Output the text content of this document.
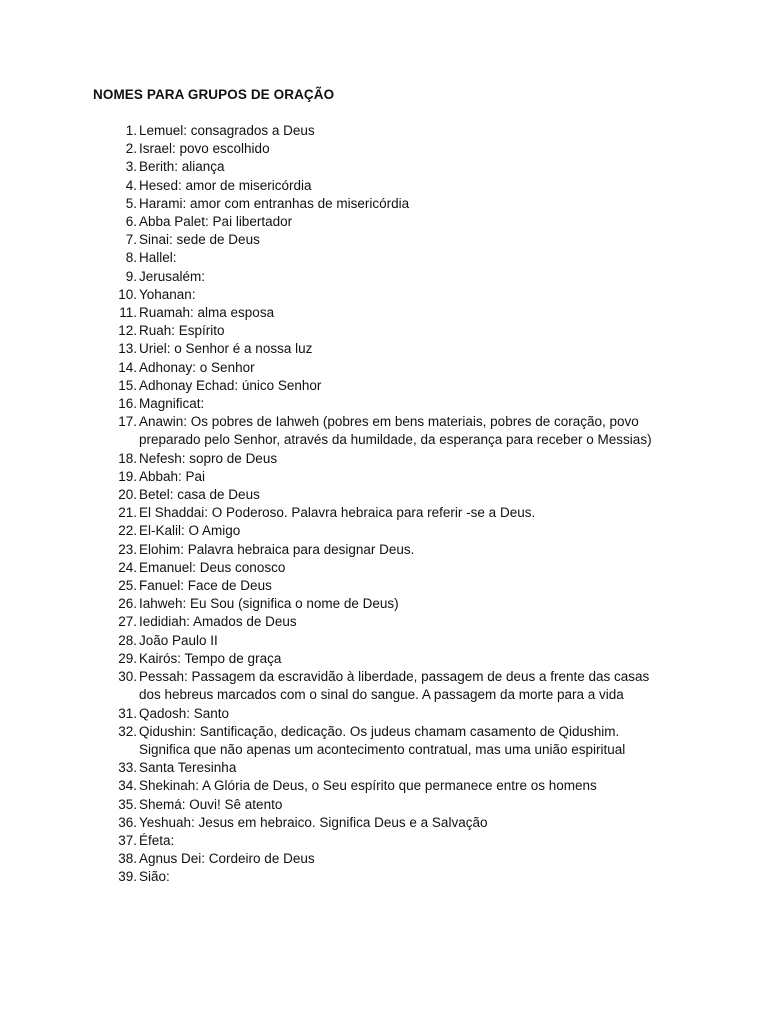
NOMES PARA GRUPOS DE ORAÇÃO
1. Lemuel: consagrados a Deus
2. Israel: povo escolhido
3. Berith: aliança
4. Hesed: amor de misericórdia
5. Harami: amor com entranhas de misericórdia
6. Abba Palet: Pai libertador
7. Sinai: sede de Deus
8. Hallel:
9. Jerusalém:
10. Yohanan:
11. Ruamah: alma esposa
12. Ruah: Espírito
13. Uriel: o Senhor é a nossa luz
14. Adhonay: o Senhor
15. Adhonay Echad: único Senhor
16. Magnificat:
17. Anawin: Os pobres de Iahweh (pobres em bens materiais, pobres de coração, povo preparado pelo Senhor, através da humildade, da esperança para receber o Messias)
18. Nefesh: sopro de Deus
19. Abbah: Pai
20. Betel: casa de Deus
21. El Shaddai: O Poderoso. Palavra hebraica para referir -se a Deus.
22. El-Kalil: O Amigo
23. Elohim: Palavra hebraica para designar Deus.
24. Emanuel: Deus conosco
25. Fanuel: Face de Deus
26. Iahweh: Eu Sou (significa o nome de Deus)
27. Iedidiah: Amados de Deus
28. João Paulo II
29. Kairós: Tempo de graça
30. Pessah: Passagem da escravidão à liberdade, passagem de deus a frente das casas dos hebreus marcados com o sinal do sangue. A passagem da morte para a vida
31. Qadosh: Santo
32. Qidushin: Santificação, dedicação. Os judeus chamam casamento de Qidushim. Significa que não apenas um acontecimento contratual, mas uma união espiritual
33. Santa Teresinha
34. Shekinah: A Glória de Deus, o Seu espírito que permanece entre os homens
35. Shemá: Ouvi! Sê atento
36. Yeshuah: Jesus em hebraico. Significa Deus e a Salvação
37. Éfeta:
38. Agnus Dei: Cordeiro de Deus
39. Sião:
